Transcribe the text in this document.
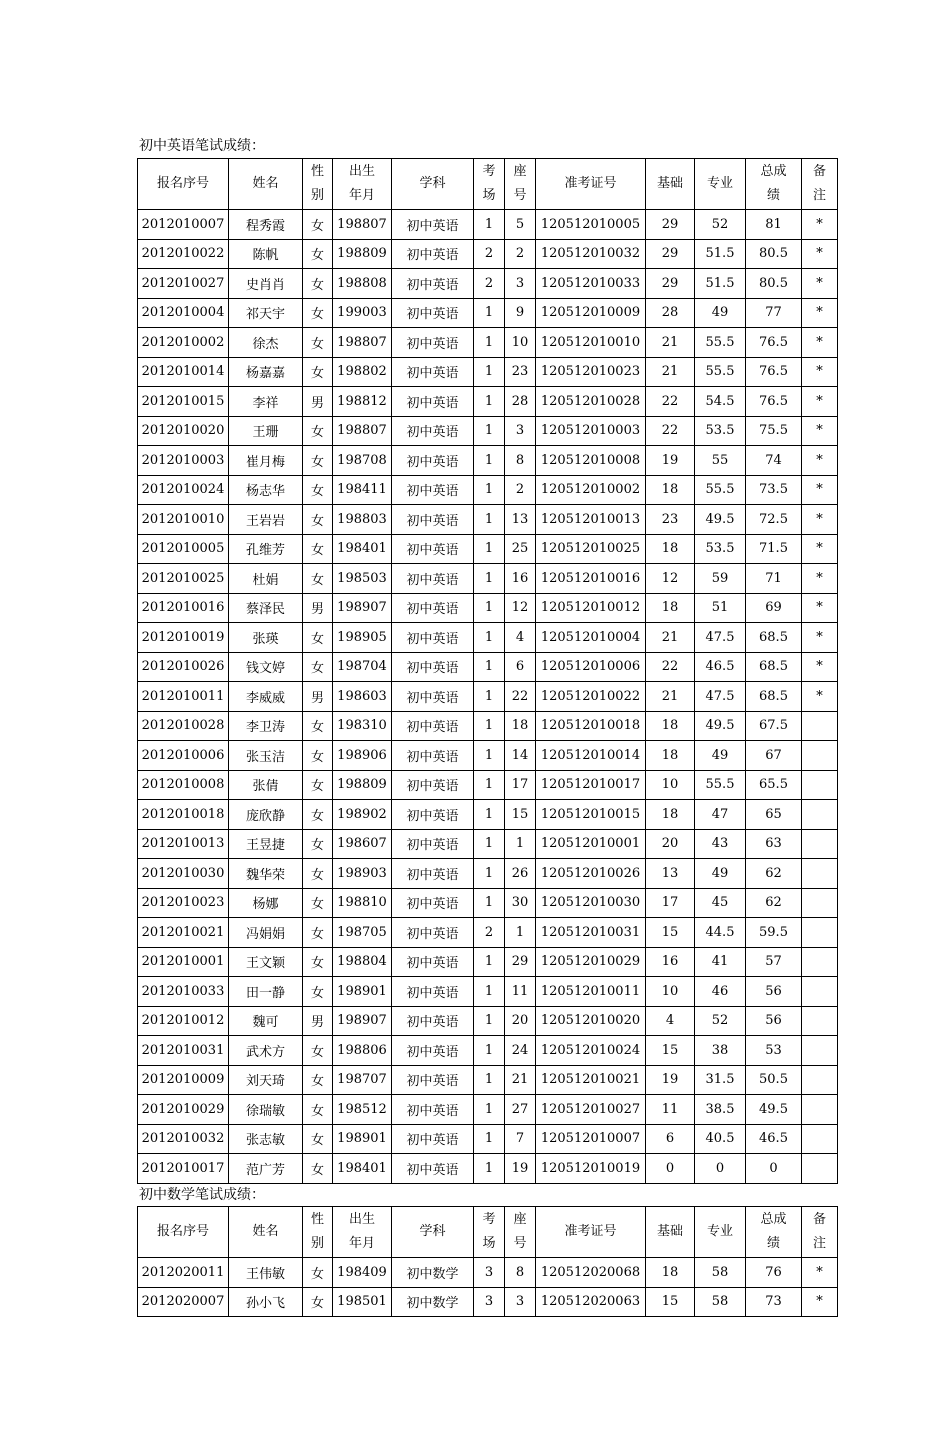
初中英语笔试成绩：
报名序号	姓名	性别	出生年月	学科	考场	座号	准考证号	基础	专业	总成绩	备注
2012010007	程秀霞	女	198807	初中英语	1	5	120512010005	29	52	81	*
2012010022	陈帆	女	198809	初中英语	2	2	120512010032	29	51.5	80.5	*
2012010027	史肖肖	女	198808	初中英语	2	3	120512010033	29	51.5	80.5	*
2012010004	祁天宇	女	199003	初中英语	1	9	120512010009	28	49	77	*
2012010002	徐杰	女	198807	初中英语	1	10	120512010010	21	55.5	76.5	*
2012010014	杨嘉嘉	女	198802	初中英语	1	23	120512010023	21	55.5	76.5	*
2012010015	李祥	男	198812	初中英语	1	28	120512010028	22	54.5	76.5	*
2012010020	王珊	女	198807	初中英语	1	3	120512010003	22	53.5	75.5	*
2012010003	崔月梅	女	198708	初中英语	1	8	120512010008	19	55	74	*
2012010024	杨志华	女	198411	初中英语	1	2	120512010002	18	55.5	73.5	*
2012010010	王岩岩	女	198803	初中英语	1	13	120512010013	23	49.5	72.5	*
2012010005	孔维芳	女	198401	初中英语	1	25	120512010025	18	53.5	71.5	*
2012010025	杜娟	女	198503	初中英语	1	16	120512010016	12	59	71	*
2012010016	蔡泽民	男	198907	初中英语	1	12	120512010012	18	51	69	*
2012010019	张瑛	女	198905	初中英语	1	4	120512010004	21	47.5	68.5	*
2012010026	钱文婷	女	198704	初中英语	1	6	120512010006	22	46.5	68.5	*
2012010011	李威威	男	198603	初中英语	1	22	120512010022	21	47.5	68.5	*
2012010028	李卫涛	女	198310	初中英语	1	18	120512010018	18	49.5	67.5	
2012010006	张玉洁	女	198906	初中英语	1	14	120512010014	18	49	67	
2012010008	张倩	女	198809	初中英语	1	17	120512010017	10	55.5	65.5	
2012010018	庞欣静	女	198902	初中英语	1	15	120512010015	18	47	65	
2012010013	王昱捷	女	198607	初中英语	1	1	120512010001	20	43	63	
2012010030	魏华荣	女	198903	初中英语	1	26	120512010026	13	49	62	
2012010023	杨娜	女	198810	初中英语	1	30	120512010030	17	45	62	
2012010021	冯娟娟	女	198705	初中英语	2	1	120512010031	15	44.5	59.5	
2012010001	王文颖	女	198804	初中英语	1	29	120512010029	16	41	57	
2012010033	田一静	女	198901	初中英语	1	11	120512010011	10	46	56	
2012010012	魏可	男	198907	初中英语	1	20	120512010020	4	52	56	
2012010031	武术方	女	198806	初中英语	1	24	120512010024	15	38	53	
2012010009	刘天琦	女	198707	初中英语	1	21	120512010021	19	31.5	50.5	
2012010029	徐瑞敏	女	198512	初中英语	1	27	120512010027	11	38.5	49.5	
2012010032	张志敏	女	198901	初中英语	1	7	120512010007	6	40.5	46.5	
2012010017	范广芳	女	198401	初中英语	1	19	120512010019	0	0	0	
初中数学笔试成绩：
报名序号	姓名	性别	出生年月	学科	考场	座号	准考证号	基础	专业	总成绩	备注
2012020011	王伟敏	女	198409	初中数学	3	8	120512020068	18	58	76	*
2012020007	孙小飞	女	198501	初中数学	3	3	120512020063	15	58	73	*
